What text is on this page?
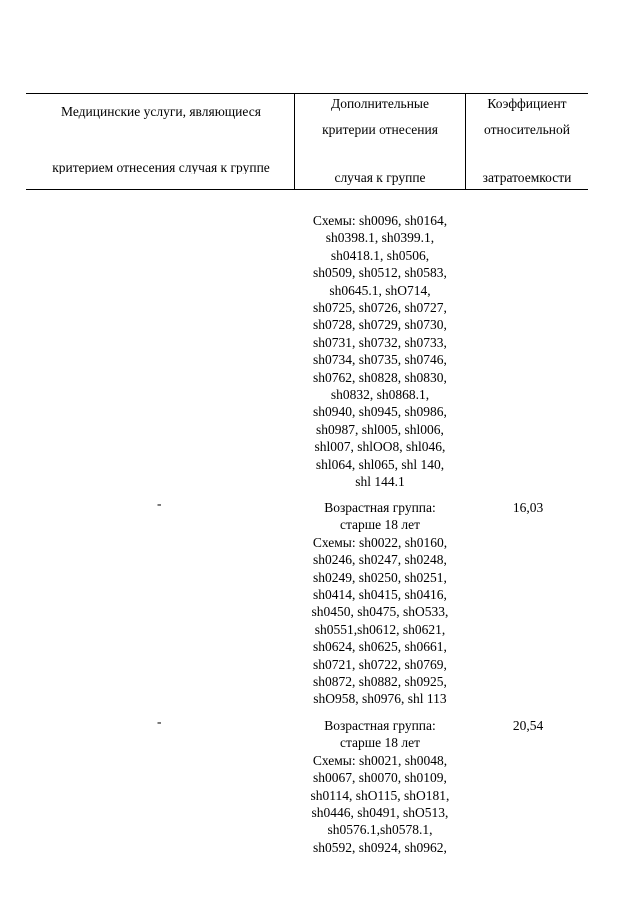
Медицинские услуги, являющиеся
критерием отнесения случая к группе
Дополнительные
критерии отнесения
случая к группе
Коэффициент
относительной
затратоемкости
Схемы: sh0096, sh0164,
sh0398.1, sh0399.1,
sh0418.1, sh0506,
sh0509, sh0512, sh0583,
sh0645.1, shO714,
sh0725, sh0726, sh0727,
sh0728, sh0729, sh0730,
sh0731, sh0732, sh0733,
sh0734, sh0735, sh0746,
sh0762, sh0828, sh0830,
sh0832, sh0868.1,
sh0940, sh0945, sh0986,
sh0987, shl005, shl006,
shl007, shlOO8, shl046,
shl064, shl065, shl 140,
shl 144.1
-	16,03
Возрастная группа:
старше 18 лет
Схемы: sh0022, sh0160,
sh0246, sh0247, sh0248,
sh0249, sh0250, sh0251,
sh0414, sh0415, sh0416,
sh0450, sh0475, shO533,
sh0551,sh0612, sh0621,
sh0624, sh0625, sh0661,
sh0721, sh0722, sh0769,
sh0872, sh0882, sh0925,
shO958, sh0976, shl 113
-	20,54
Возрастная группа:
старше 18 лет
Схемы: sh0021, sh0048,
sh0067, sh0070, sh0109,
sh0114, shO115, shO181,
sh0446, sh0491, shO513,
sh0576.1,sh0578.1,
sh0592, sh0924, sh0962,
